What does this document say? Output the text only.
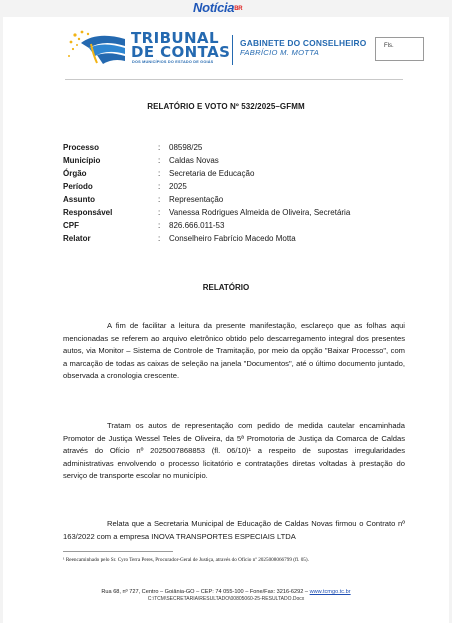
Notícia$^{BR}$
TRIBUNAL
DE CONTAS
DOS MUNICÍPIOS DO ESTADO DE GOIÁS
GABINETE DO CONSELHEIRO
FABRÍCIO M. MOTTA
Fls.
RELATÓRIO E VOTO Nº 532/2025–GFMM
Processo	: 08598/25
Município	: Caldas Novas
Órgão	: Secretaria de Educação
Período	: 2025
Assunto	: Representação
Responsável	: Vanessa Rodrigues Almeida de Oliveira, Secretária
CPF	: 826.666.011-53
Relator	: Conselheiro Fabrício Macedo Motta
RELATÓRIO
A fim de facilitar a leitura da presente manifestação, esclareço que as folhas aqui mencionadas se referem ao arquivo eletrônico obtido pelo descarregamento integral dos presentes autos, via Monitor – Sistema de Controle de Tramitação, por meio da opção "Baixar Processo", com a marcação de todas as caixas de seleção na janela "Documentos", até o último documento juntado, observada a cronologia crescente.
Tratam os autos de representação com pedido de medida cautelar encaminhada Promotor de Justiça Wessel Teles de Oliveira, da 5ª Promotoria de Justiça da Comarca de Caldas através do Ofício nº 2025007868853 (fl. 06/10)¹ a respeito de supostas irregularidades administrativas envolvendo o processo licitatório e contratações diretas voltadas à prestação do serviço de transporte escolar no município.
Relata que a Secretaria Municipal de Educação de Caldas Novas firmou o Contrato nº 163/2022 com a empresa INOVA TRANSPORTES ESPECIAIS LTDA
¹ Reencaminhado pelo Sr. Cyro Terra Peres, Procurador-Geral de Justiça, através do Ofício nº 2025008066799 (fl. 05).
Rua 68, nº 727, Centro – Goiânia-GO – CEP: 74 055-100 – Fone/Fax: 3216-6292 – www.tcmgo.tc.br
C:\TCM\SECRETARIA\RESULTADO\00805060-25-RESULTADO.Docx
